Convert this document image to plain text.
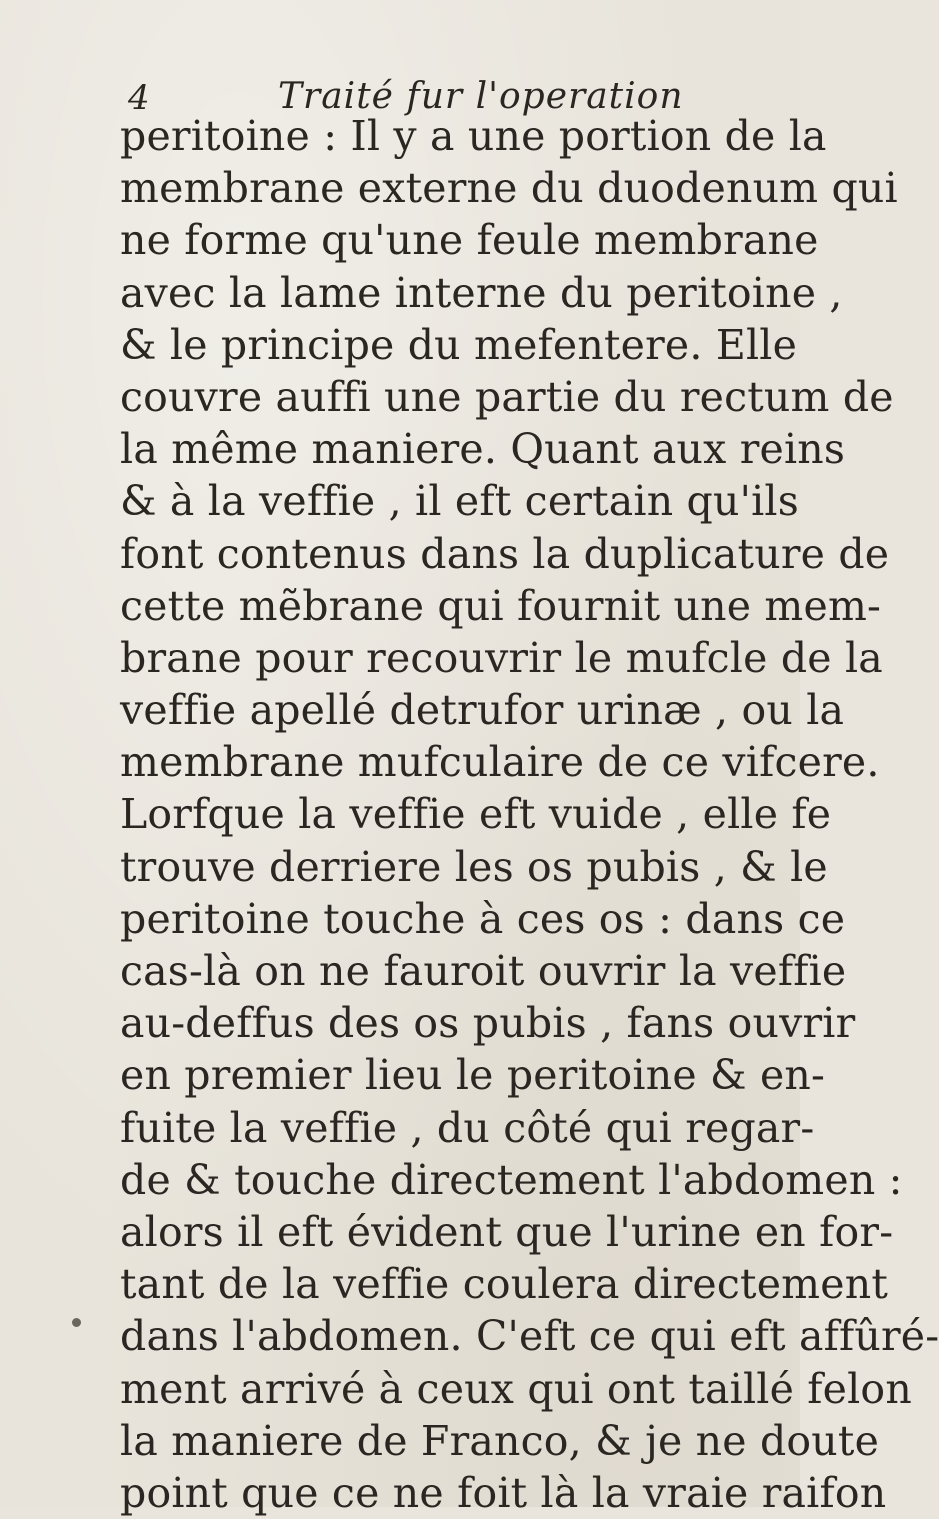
4	Traité fur l'operation
peritoine : Il y a une portion de la
membrane externe du duodenum qui
ne forme qu'une feule membrane
avec la lame interne du peritoine ,
& le principe du mefentere. Elle
couvre auffi une partie du rectum de
la même maniere. Quant aux reins
& à la veffie , il eft certain qu'ils
font contenus dans la duplicature de
cette mẽbrane qui fournit une mem-
brane pour recouvrir le mufcle de la
veffie apellé detrufor urinæ , ou la
membrane mufculaire de ce vifcere.
Lorfque la veffie eft vuide , elle fe
trouve derriere les os pubis , & le
peritoine touche à ces os : dans ce
cas-là on ne fauroit ouvrir la veffie
au-deffus des os pubis , fans ouvrir
en premier lieu le peritoine & en-
fuite la veffie , du côté qui regar-
de & touche directement l'abdomen :
alors il eft évident que l'urine en for-
tant de la veffie coulera directement
dans l'abdomen. C'eft ce qui eft affûré-
ment arrivé à ceux qui ont taillé felon
la maniere de Franco, & je ne doute
point que ce ne foit là la vraie raifon
